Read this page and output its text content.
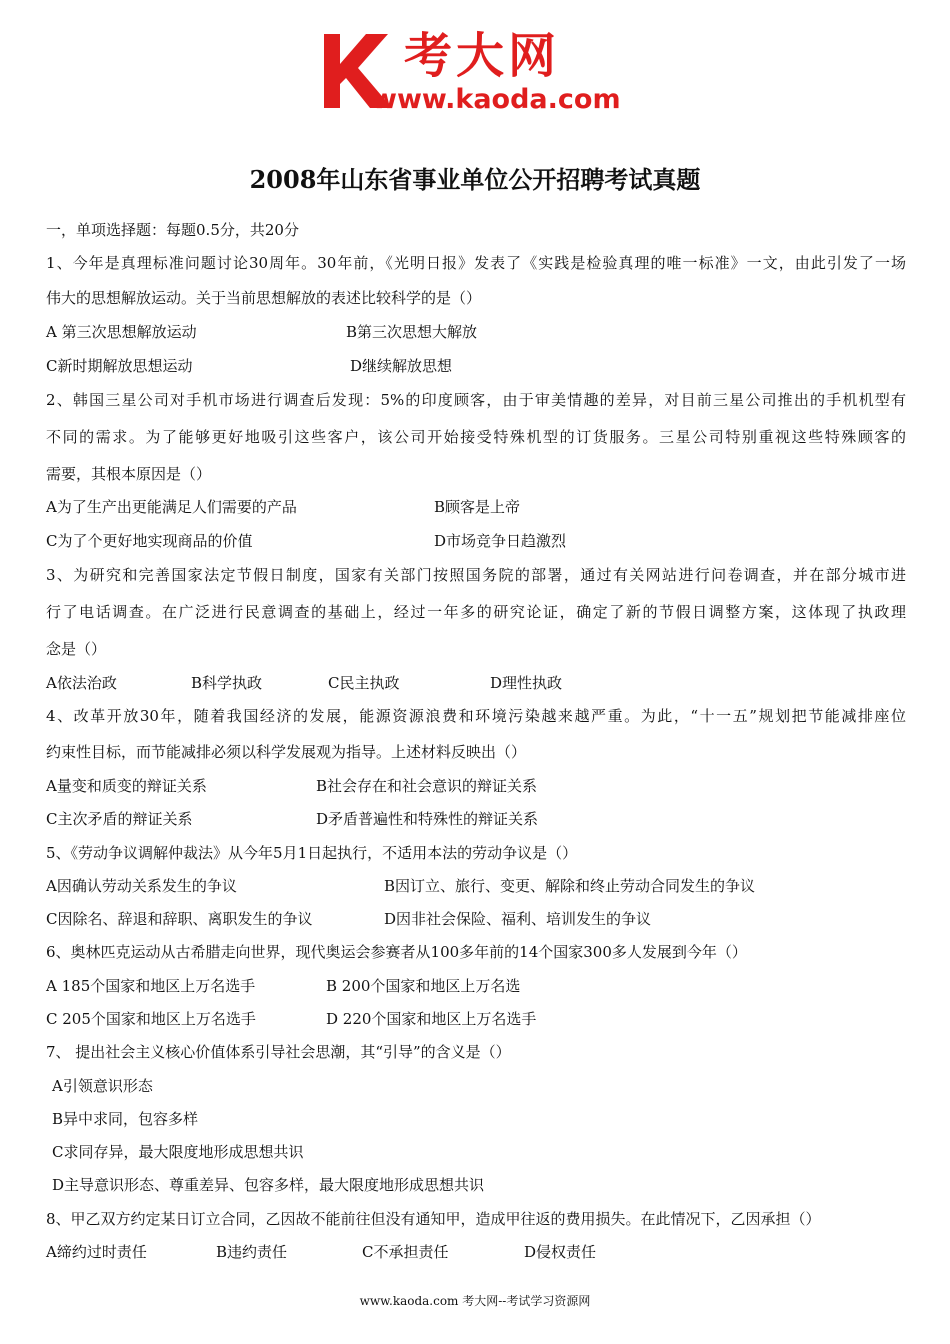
考大网
www.kaoda.com
2008年山东省事业单位公开招聘考试真题
一，单项选择题：每题0.5分，共20分
1、今年是真理标准问题讨论30周年。30年前，《光明日报》发表了《实践是检验真理的唯一标准》一文，由此引发了一场
伟大的思想解放运动。关于当前思想解放的表述比较科学的是（）
A 第三次思想解放运动	B第三次思想大解放
C新时期解放思想运动	D继续解放思想
2、韩国三星公司对手机市场进行调查后发现：5%的印度顾客，由于审美情趣的差异，对目前三星公司推出的手机机型有
不同的需求。为了能够更好地吸引这些客户，该公司开始接受特殊机型的订货服务。三星公司特别重视这些特殊顾客的
需要，其根本原因是（）
A为了生产出更能满足人们需要的产品	B顾客是上帝
C为了个更好地实现商品的价值	D市场竞争日趋激烈
3、为研究和完善国家法定节假日制度，国家有关部门按照国务院的部署，通过有关网站进行问卷调查，并在部分城市进
行了电话调查。在广泛进行民意调查的基础上，经过一年多的研究论证，确定了新的节假日调整方案，这体现了执政理
念是（）
A依法治政	B科学执政	C民主执政	D理性执政
4、改革开放30年，随着我国经济的发展，能源资源浪费和环境污染越来越严重。为此，“十一五”规划把节能减排座位
约束性目标，而节能减排必须以科学发展观为指导。上述材料反映出（）
A量变和质变的辩证关系	B社会存在和社会意识的辩证关系
C主次矛盾的辩证关系	D矛盾普遍性和特殊性的辩证关系
5、《劳动争议调解仲裁法》从今年5月1日起执行，不适用本法的劳动争议是（）
A因确认劳动关系发生的争议	B因订立、旅行、变更、解除和终止劳动合同发生的争议
C因除名、辞退和辞职、离职发生的争议	D因非社会保险、福利、培训发生的争议
6、奥林匹克运动从古希腊走向世界，现代奥运会参赛者从100多年前的14个国家300多人发展到今年（）
A 185个国家和地区上万名选手	B 200个国家和地区上万名选
C 205个国家和地区上万名选手	D 220个国家和地区上万名选手
7、 提出社会主义核心价值体系引导社会思潮，其“引导”的含义是（）
A引领意识形态
B异中求同，包容多样
C求同存异，最大限度地形成思想共识
D主导意识形态、尊重差异、包容多样，最大限度地形成思想共识
8、甲乙双方约定某日订立合同，乙因故不能前往但没有通知甲，造成甲往返的费用损失。在此情况下，乙因承担（）
A缔约过时责任	B违约责任	C不承担责任	D侵权责任
www.kaoda.com 考大网--考试学习资源网
